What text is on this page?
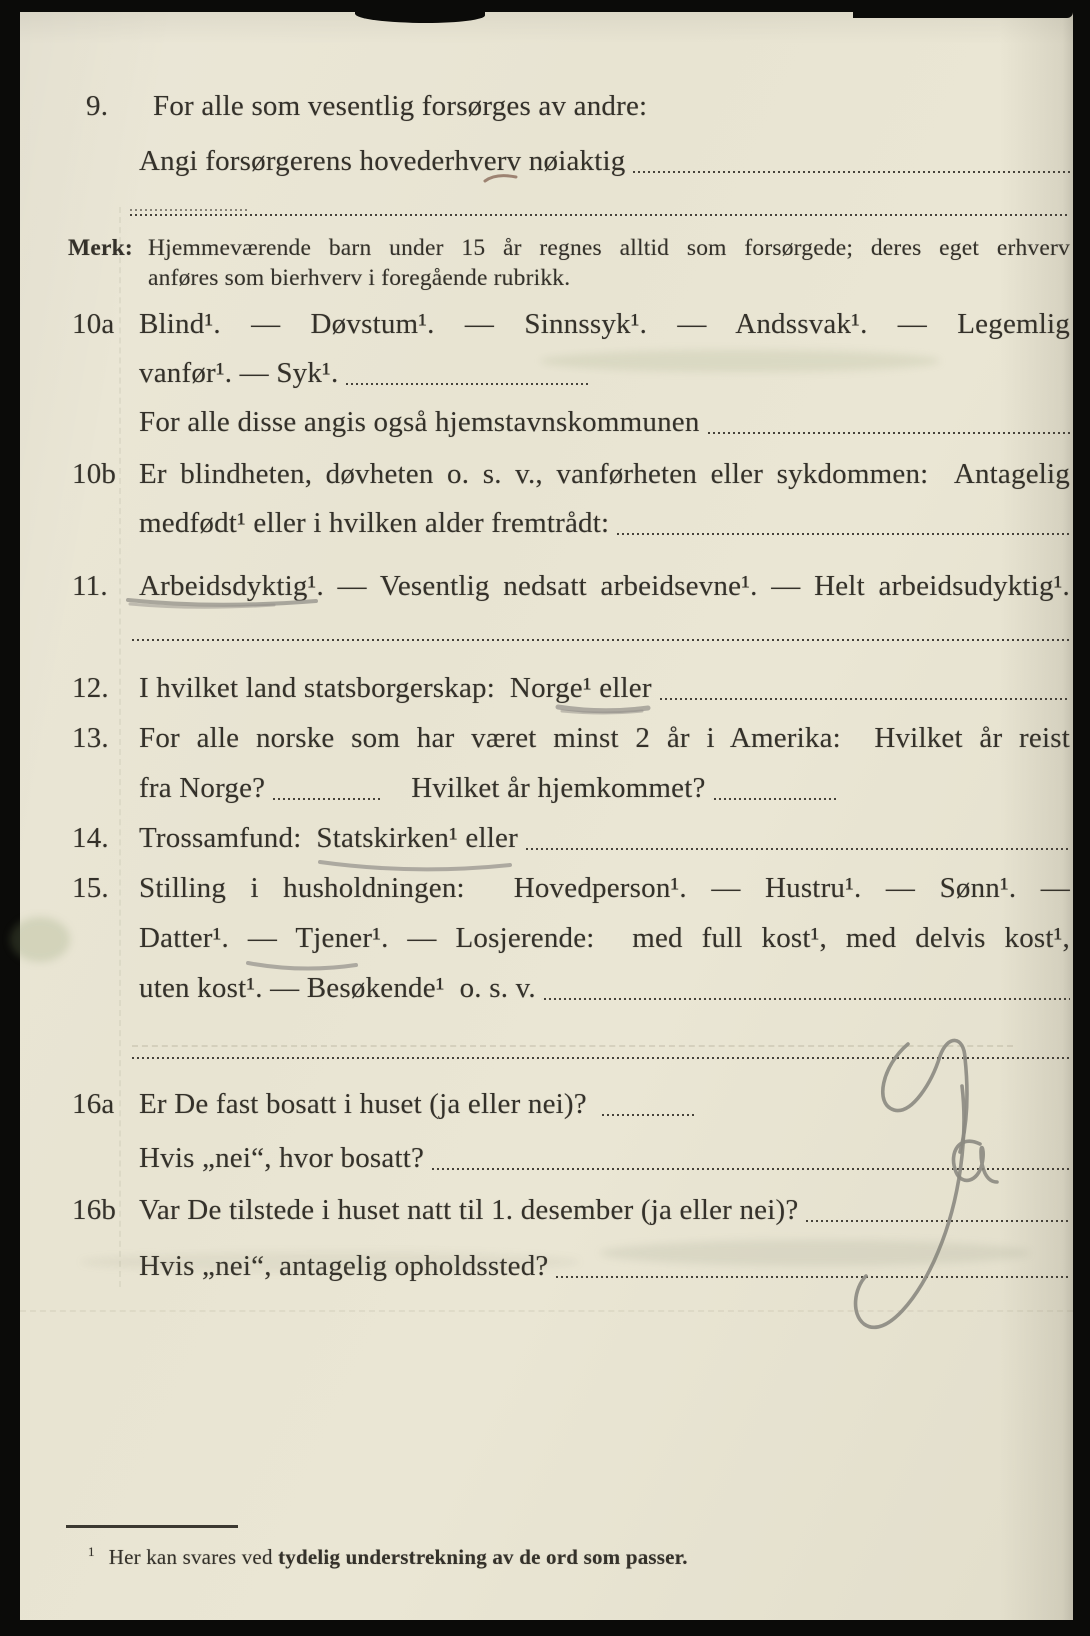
9.	For alle som vesentlig forsørges av andre:
Angi forsørgerens hovederhverv nøiaktig
Merk: Hjemmeværende barn under 15 år regnes alltid som forsørgede; deres eget erhverv
anføres som bierhverv i foregående rubrikk.
10a Blind¹. — Døvstum¹. — Sinnssyk¹. — Andssvak¹. — Legemlig
vanfør¹. — Syk¹.
For alle disse angis også hjemstavnskommunen
10b Er blindheten, døvheten o. s. v., vanførheten eller sykdommen:  Antagelig
medfødt¹ eller i hvilken alder fremtrådt:
11.	Arbeidsdyktig¹. — Vesentlig nedsatt arbeidsevne¹. — Helt arbeidsudyktig¹.
12.	I hvilket land statsborgerskap:  Norge¹ eller
13.	For alle norske som har været minst 2 år i Amerika:  Hvilket år reist
fra Norge?	Hvilket år hjemkommet?
14.	Trossamfund:  Statskirken¹ eller
15.	Stilling i husholdningen:  Hovedperson¹. — Hustru¹. — Sønn¹. —
Datter¹. — Tjener¹. — Losjerende:  med full kost¹, med delvis kost¹,
uten kost¹. — Besøkende¹  o. s. v.
16a Er De fast bosatt i huset (ja eller nei)?
Hvis „nei“, hvor bosatt?
16b Var De tilstede i huset natt til 1. desember (ja eller nei)?
Hvis „nei“, antagelig opholdssted?
$^1$ Her kan svares ved tydelig understrekning av de ord som passer.
